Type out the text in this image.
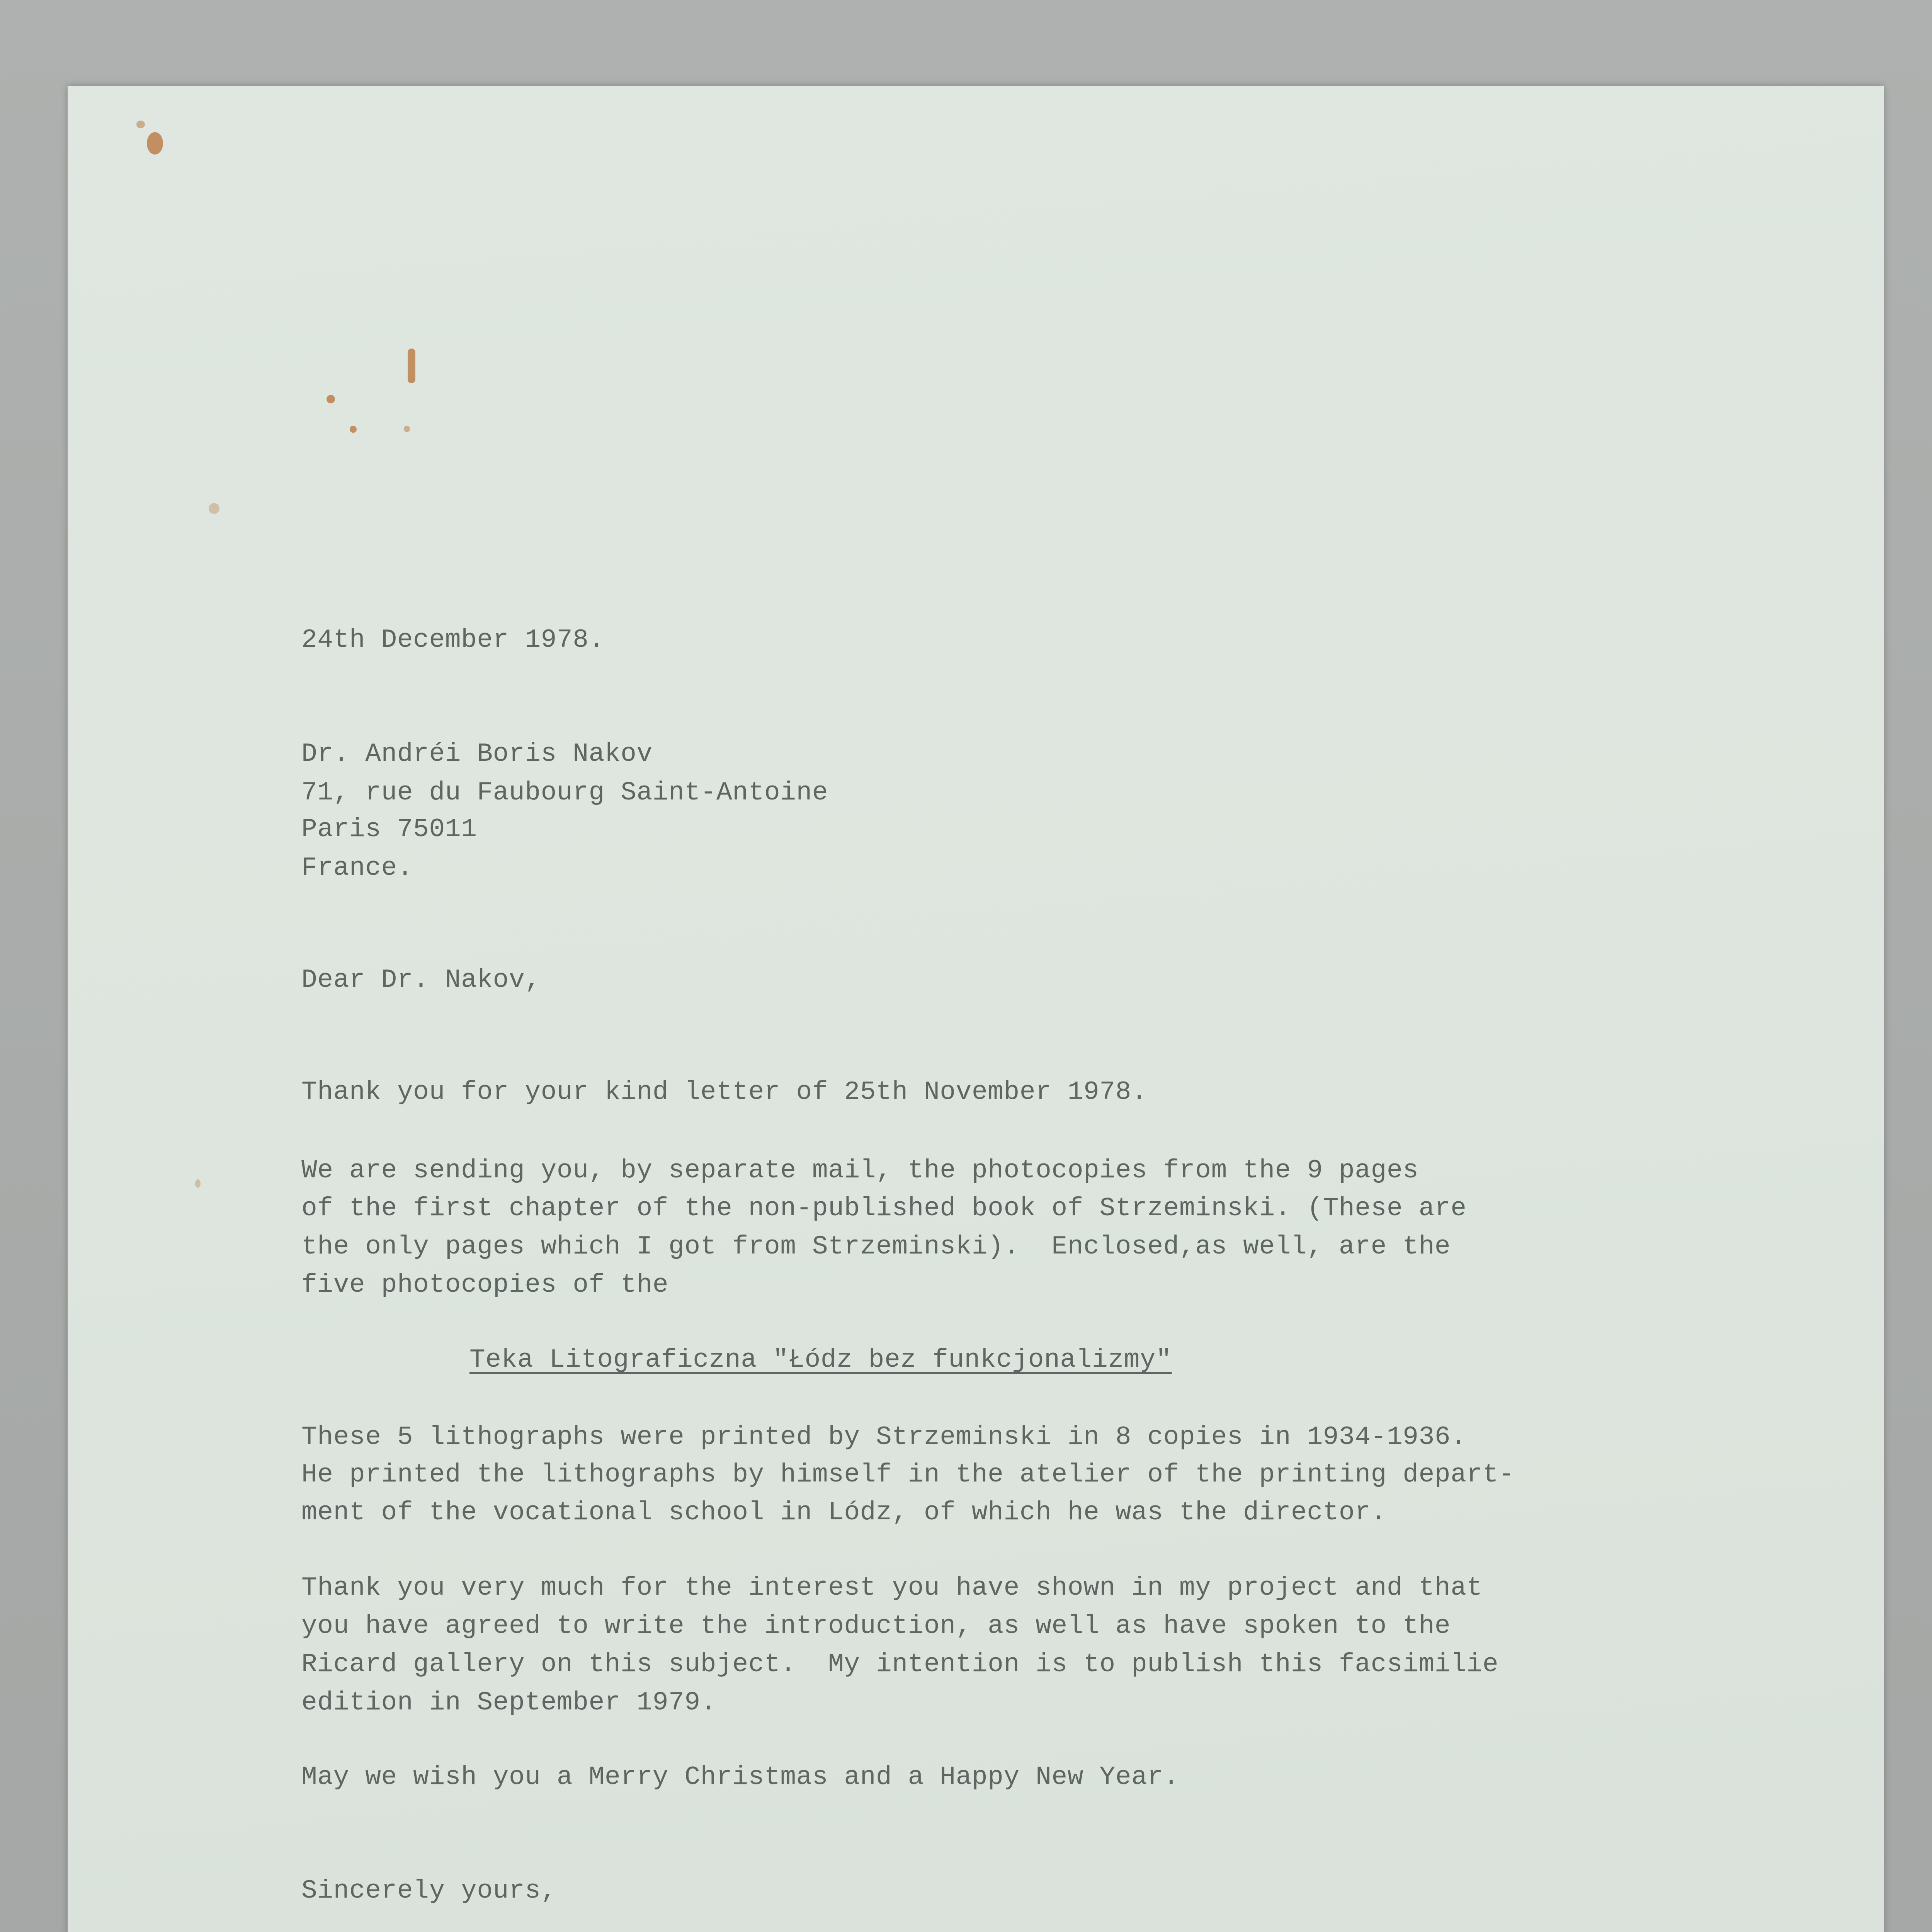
24th December 1978.
Dr. Andréi Boris Nakov
71, rue du Faubourg Saint-Antoine
Paris 75011
France.
Dear Dr. Nakov,
Thank you for your kind letter of 25th November 1978.
We are sending you, by separate mail, the photocopies from the 9 pages
of the first chapter of the non-published book of Strzeminski. (These are
the only pages which I got from Strzeminski).  Enclosed,as well, are the
five photocopies of the
Teka Litograficzna "Łódz bez funkcjonalizmy"
These 5 lithographs were printed by Strzeminski in 8 copies in 1934-1936.
He printed the lithographs by himself in the atelier of the printing depart-
ment of the vocational school in Lódz, of which he was the director.
Thank you very much for the interest you have shown in my project and that
you have agreed to write the introduction, as well as have spoken to the
Ricard gallery on this subject.  My intention is to publish this facsimilie
edition in September 1979.
May we wish you a Merry Christmas and a Happy New Year.
Sincerely yours,
